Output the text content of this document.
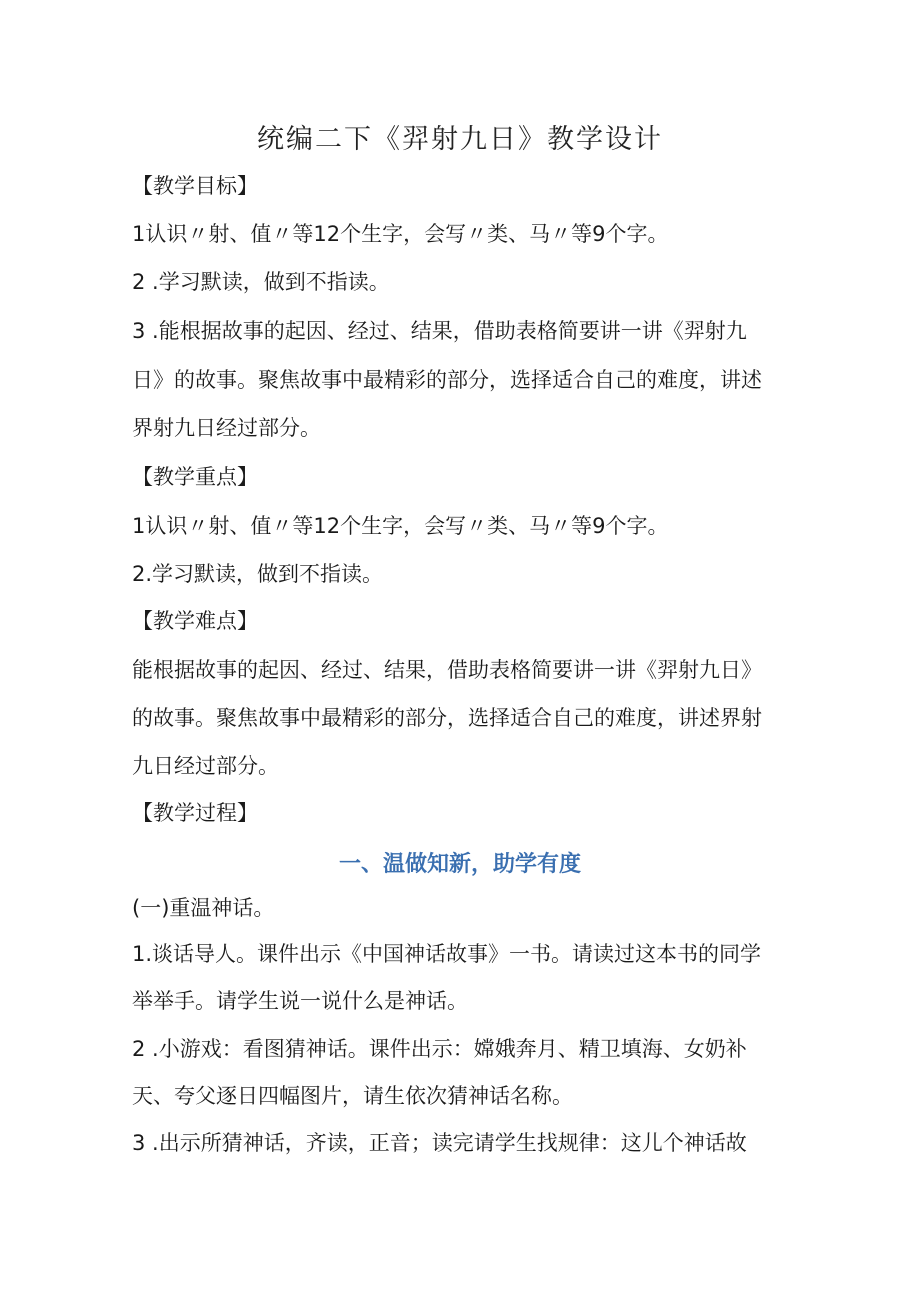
统编二下《羿射九日》教学设计

【教学目标】

1认识〃射、值〃等12个生字，会写〃类、马〃等9个字。

2 .学习默读，做到不指读。

3 .能根据故事的起因、经过、结果，借助表格简要讲一讲《羿射九

日》的故事。聚焦故事中最精彩的部分，选择适合自己的难度，讲述

界射九日经过部分。

【教学重点】

1认识〃射、值〃等12个生字，会写〃类、马〃等9个字。

2.学习默读，做到不指读。

【教学难点】

能根据故事的起因、经过、结果，借助表格简要讲一讲《羿射九日》

的故事。聚焦故事中最精彩的部分，选择适合自己的难度，讲述界射

九日经过部分。

【教学过程】

一、温做知新，助学有度

(一)重温神话。

1.谈话导人。课件出示《中国神话故事》一书。请读过这本书的同学

举举手。请学生说一说什么是神话。

2 .小游戏：看图猜神话。课件出示：嫦娥奔月、精卫填海、女奶补

天、夸父逐日四幅图片，请生依次猜神话名称。

3 .出示所猜神话，齐读，正音；读完请学生找规律：这儿个神话故
